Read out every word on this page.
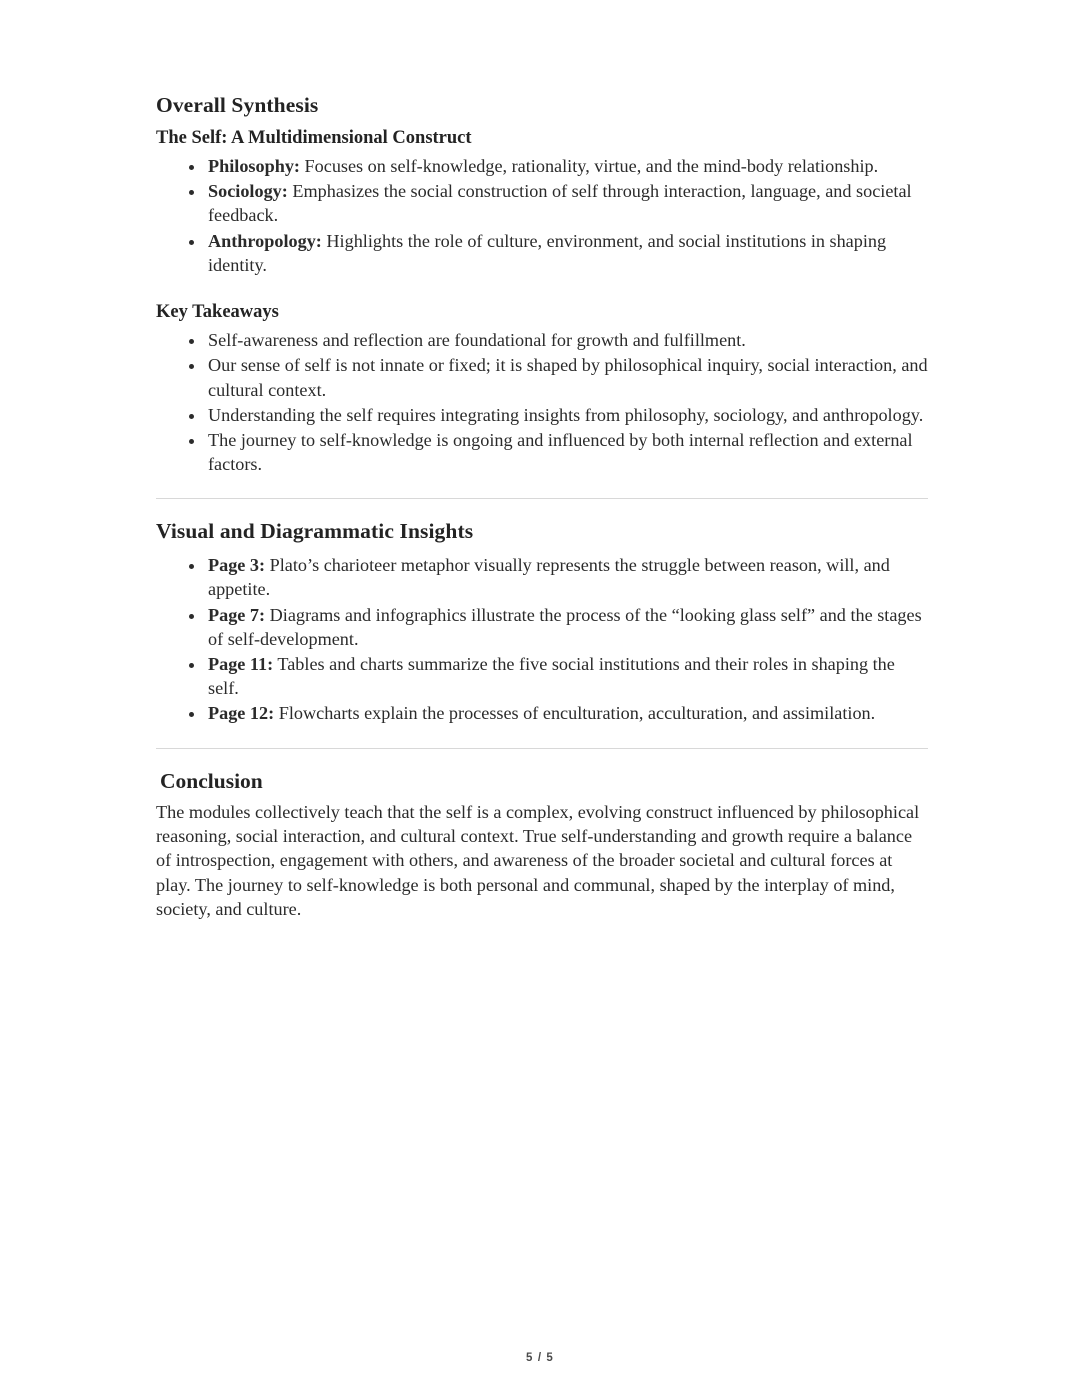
Overall Synthesis
The Self: A Multidimensional Construct
Philosophy: Focuses on self-knowledge, rationality, virtue, and the mind-body relationship.
Sociology: Emphasizes the social construction of self through interaction, language, and societal feedback.
Anthropology: Highlights the role of culture, environment, and social institutions in shaping identity.
Key Takeaways
Self-awareness and reflection are foundational for growth and fulfillment.
Our sense of self is not innate or fixed; it is shaped by philosophical inquiry, social interaction, and cultural context.
Understanding the self requires integrating insights from philosophy, sociology, and anthropology.
The journey to self-knowledge is ongoing and influenced by both internal reflection and external factors.
Visual and Diagrammatic Insights
Page 3: Plato’s charioteer metaphor visually represents the struggle between reason, will, and appetite.
Page 7: Diagrams and infographics illustrate the process of the “looking glass self” and the stages of self-development.
Page 11: Tables and charts summarize the five social institutions and their roles in shaping the self.
Page 12: Flowcharts explain the processes of enculturation, acculturation, and assimilation.
Conclusion

The modules collectively teach that the self is a complex, evolving construct influenced by philosophical reasoning, social interaction, and cultural context. True self-understanding and growth require a balance of introspection, engagement with others, and awareness of the broader societal and cultural forces at play. The journey to self-knowledge is both personal and communal, shaped by the interplay of mind, society, and culture.

5 / 5
